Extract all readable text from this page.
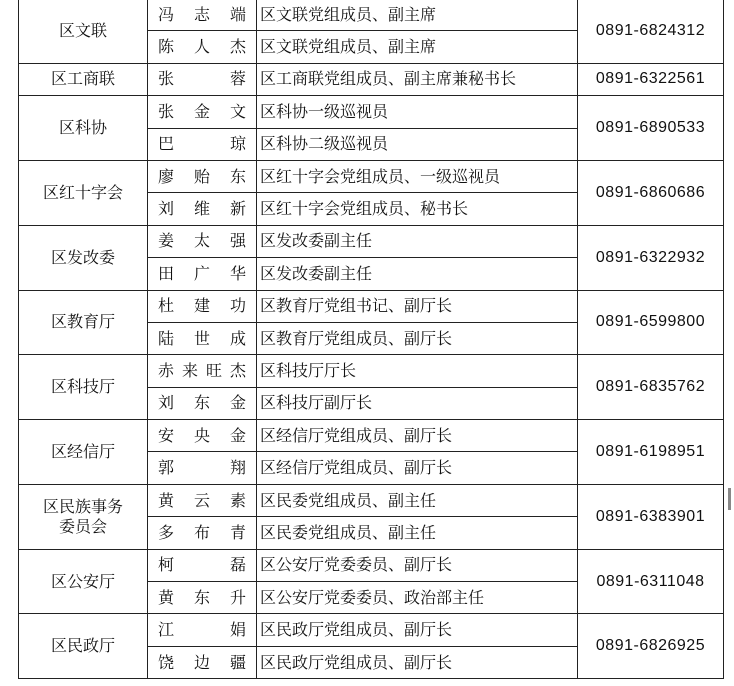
区文联	冯志端	区文联党组成员、副主席	0891-6824312
	陈人杰	区文联党组成员、副主席	

区工商联	张蓉	区工商联党组成员、副主席兼秘书长	0891-6322561

区科协	张金文	区科协一级巡视员	0891-6890533
	巴琼	区科协二级巡视员	

区红十字会	廖贻东	区红十字会党组成员、一级巡视员	0891-6860686
	刘维新	区红十字会党组成员、秘书长	

区发改委	姜太强	区发改委副主任	0891-6322932
	田广华	区发改委副主任	

区教育厅	杜建功	区教育厅党组书记、副厅长	0891-6599800
	陆世成	区教育厅党组成员、副厅长	

区科技厅	赤来旺杰	区科技厅厅长	0891-6835762
	刘东金	区科技厅副厅长	

区经信厅	安央金	区经信厅党组成员、副厅长	0891-6198951
	郭翔	区经信厅党组成员、副厅长	

区民族事务
委员会	黄云素	区民委党组成员、副主任	0891-6383901
	多布青	区民委党组成员、副主任	

区公安厅	柯磊	区公安厅党委委员、副厅长	0891-6311048
	黄东升	区公安厅党委委员、政治部主任	

区民政厅	江娟	区民政厅党组成员、副厅长	0891-6826925
	饶边疆	区民政厅党组成员、副厅长	
